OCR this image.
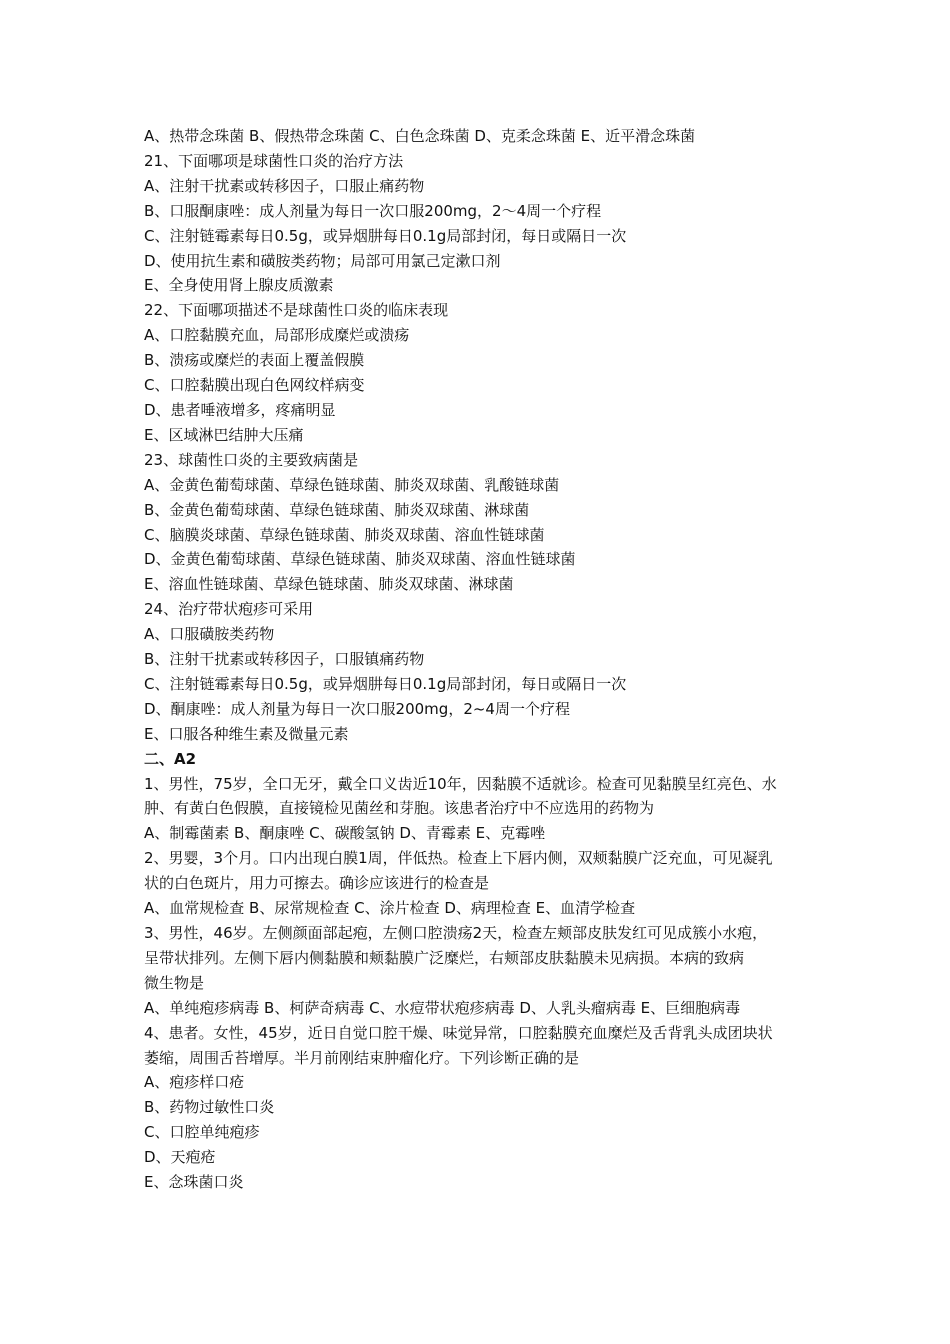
A、热带念珠菌 B、假热带念珠菌 C、白色念珠菌 D、克柔念珠菌 E、近平滑念珠菌
21、下面哪项是球菌性口炎的治疗方法
A、注射干扰素或转移因子，口服止痛药物
B、口服酮康唑：成人剂量为每日一次口服200mg，2～4周一个疗程
C、注射链霉素每日0.5g，或异烟肼每日0.1g局部封闭，每日或隔日一次
D、使用抗生素和磺胺类药物；局部可用氯己定漱口剂
E、全身使用肾上腺皮质激素
22、下面哪项描述不是球菌性口炎的临床表现
A、口腔黏膜充血，局部形成糜烂或溃疡
B、溃疡或糜烂的表面上覆盖假膜
C、口腔黏膜出现白色网纹样病变
D、患者唾液增多，疼痛明显
E、区域淋巴结肿大压痛
23、球菌性口炎的主要致病菌是
A、金黄色葡萄球菌、草绿色链球菌、肺炎双球菌、乳酸链球菌
B、金黄色葡萄球菌、草绿色链球菌、肺炎双球菌、淋球菌
C、脑膜炎球菌、草绿色链球菌、肺炎双球菌、溶血性链球菌
D、金黄色葡萄球菌、草绿色链球菌、肺炎双球菌、溶血性链球菌
E、溶血性链球菌、草绿色链球菌、肺炎双球菌、淋球菌
24、治疗带状疱疹可采用
A、口服磺胺类药物
B、注射干扰素或转移因子，口服镇痛药物
C、注射链霉素每日0.5g，或异烟肼每日0.1g局部封闭，每日或隔日一次
D、酮康唑：成人剂量为每日一次口服200mg，2~4周一个疗程
E、口服各种维生素及微量元素
二、A2
1、男性，75岁，全口无牙，戴全口义齿近10年，因黏膜不适就诊。检查可见黏膜呈红亮色、水
肿、有黄白色假膜，直接镜检见菌丝和芽胞。该患者治疗中不应选用的药物为
A、制霉菌素 B、酮康唑 C、碳酸氢钠 D、青霉素 E、克霉唑
2、男婴，3个月。口内出现白膜1周，伴低热。检查上下唇内侧，双颊黏膜广泛充血，可见凝乳
状的白色斑片，用力可擦去。确诊应该进行的检查是
A、血常规检查 B、尿常规检查 C、涂片检查 D、病理检查 E、血清学检查
3、男性，46岁。左侧颜面部起疱，左侧口腔溃疡2天，检查左颊部皮肤发红可见成簇小水疱，
呈带状排列。左侧下唇内侧黏膜和颊黏膜广泛糜烂，右颊部皮肤黏膜未见病损。本病的致病
微生物是
A、单纯疱疹病毒 B、柯萨奇病毒 C、水痘带状疱疹病毒 D、人乳头瘤病毒 E、巨细胞病毒
4、患者。女性，45岁，近日自觉口腔干燥、味觉异常，口腔黏膜充血糜烂及舌背乳头成团块状
萎缩，周围舌苔增厚。半月前刚结束肿瘤化疗。下列诊断正确的是
A、疱疹样口疮
B、药物过敏性口炎
C、口腔单纯疱疹
D、天疱疮
E、念珠菌口炎
